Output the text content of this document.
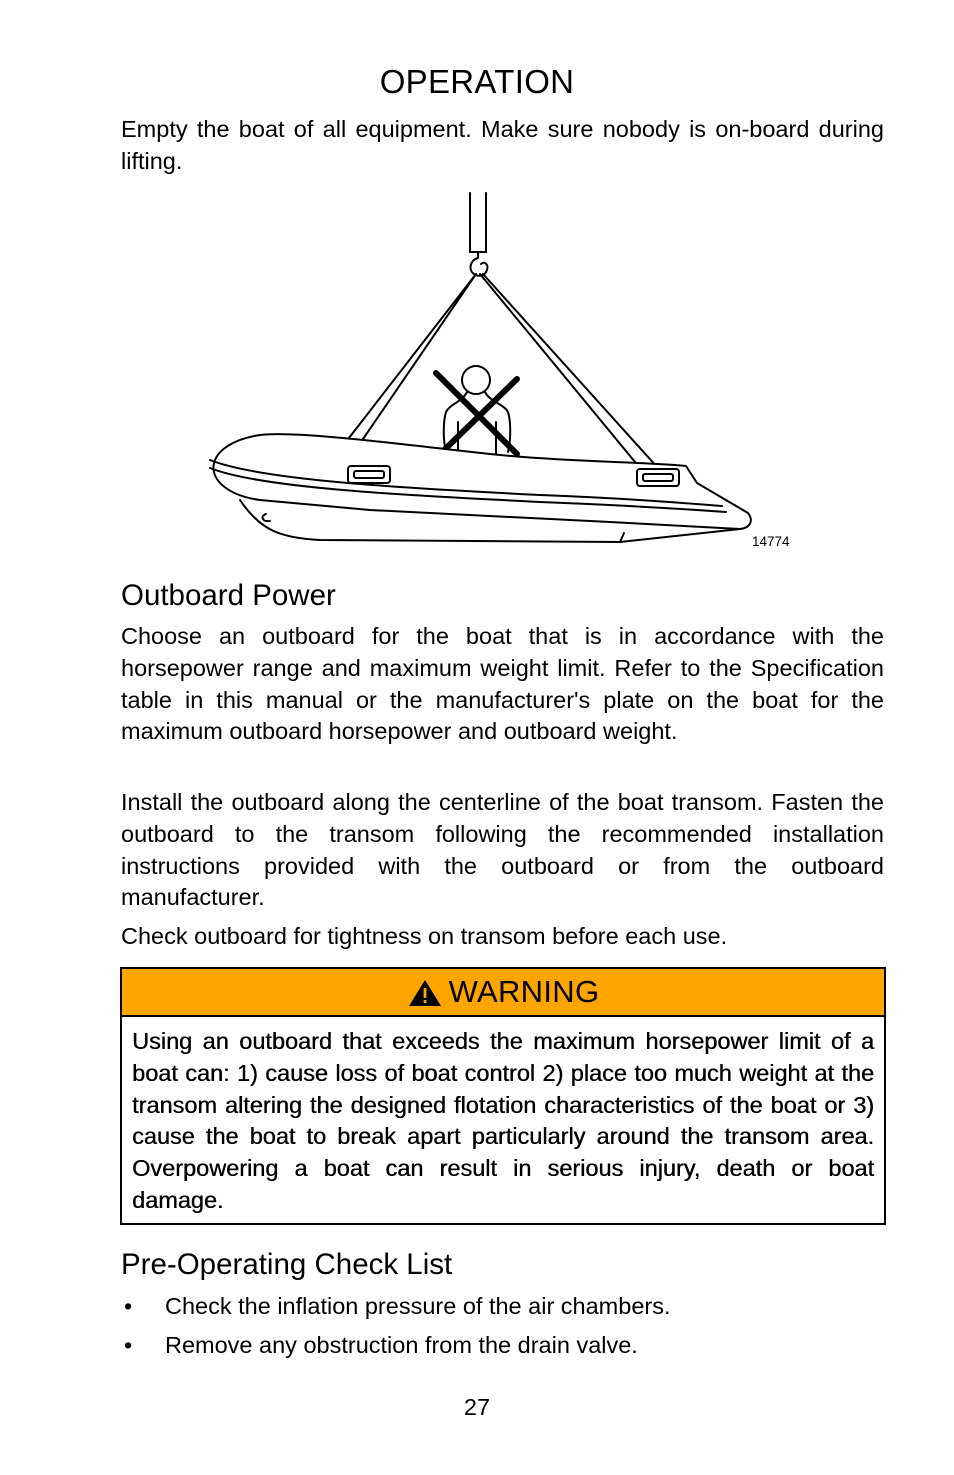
OPERATION

Empty the boat of all equipment. Make sure nobody is on-board during lifting.

14774
Outboard Power

Choose an outboard for the boat that is in accordance with the horsepower range and maximum weight limit. Refer to the Specification table in this manual or the manufacturer's plate on the boat for the maximum outboard horsepower and outboard weight.

Install the outboard along the centerline of the boat transom. Fasten the outboard to the transom following the recommended installation instructions provided with the outboard or from the outboard manufacturer.

Check outboard for tightness on transom before each use.

WARNING

Using an outboard that exceeds the maximum horsepower limit of a boat can: 1) cause loss of boat control 2) place too much weight at the transom altering the designed flotation characteristics of the boat or 3) cause the boat to break apart particularly around the transom area. Overpowering a boat can result in serious injury, death or boat damage.

Pre-Operating Check List
• Check the inflation pressure of the air chambers.
• Remove any obstruction from the drain valve.
27
